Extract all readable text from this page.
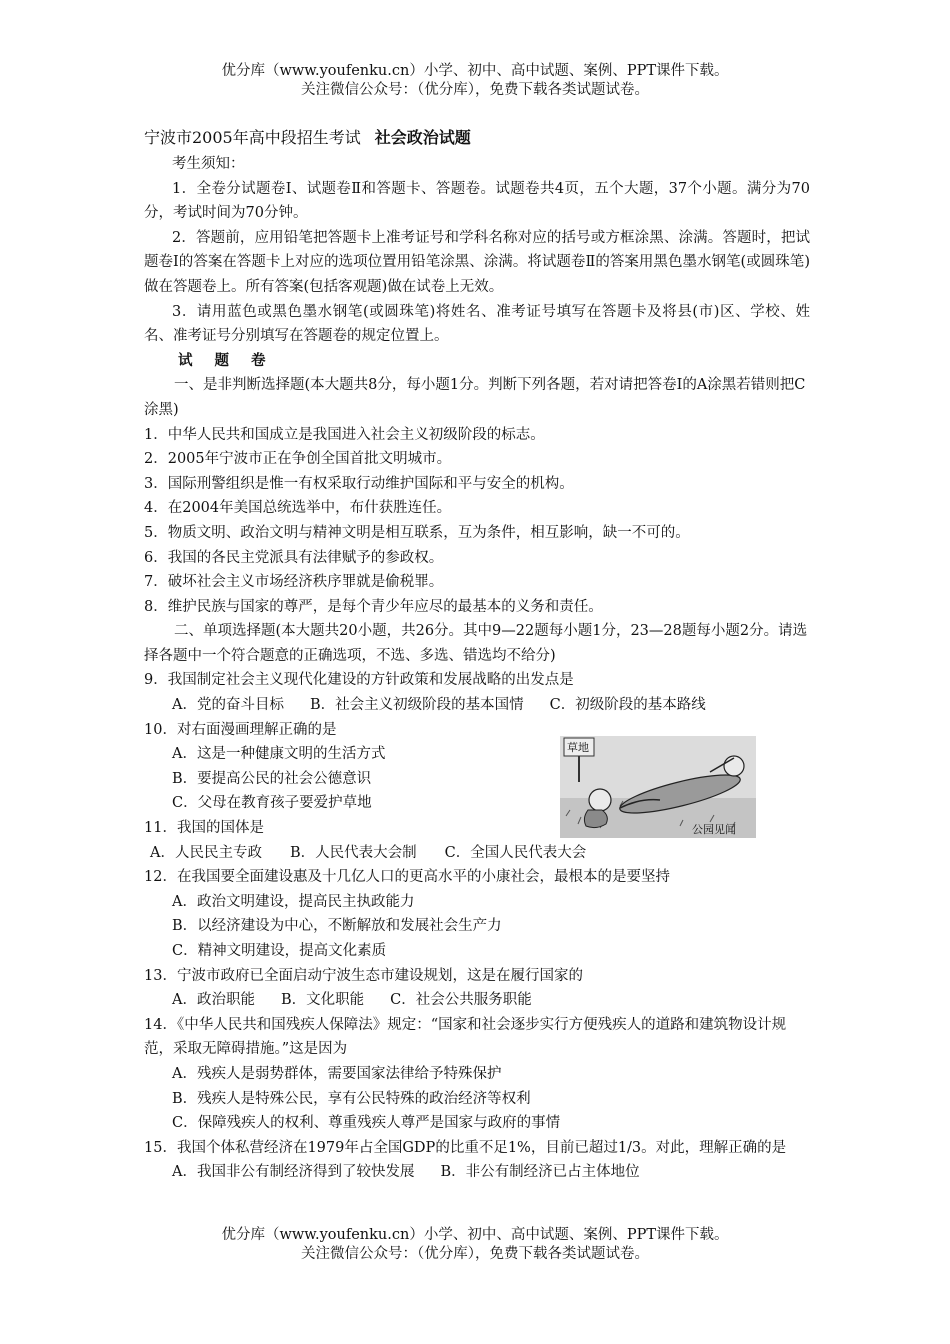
优分库（www.youfenku.cn）小学、初中、高中试题、案例、PPT课件下载。
关注微信公众号：（优分库），免费下载各类试题试卷。

宁波市2005年高中段招生考试 社会政治试题

考生须知：

1．全卷分试题卷Ⅰ、试题卷Ⅱ和答题卡、答题卷。试题卷共4页，五个大题，37个小题。满分为70分，考试时间为70分钟。

2．答题前，应用铅笔把答题卡上准考证号和学科名称对应的括号或方框涂黑、涂满。答题时，把试题卷Ⅰ的答案在答题卡上对应的选项位置用铅笔涂黑、涂满。将试题卷Ⅱ的答案用黑色墨水钢笔(或圆珠笔)做在答题卷上。所有答案(包括客观题)做在试卷上无效。

3．请用蓝色或黑色墨水钢笔(或圆珠笔)将姓名、准考证号填写在答题卡及将县(市)区、学校、姓名、准考证号分别填写在答题卷的规定位置上。

试题卷

一、是非判断选择题(本大题共8分，每小题1分。判断下列各题，若对请把答卷Ⅰ的A涂黑若错则把C涂黑)

1．中华人民共和国成立是我国进入社会主义初级阶段的标志。

2．2005年宁波市正在争创全国首批文明城市。

3．国际刑警组织是惟一有权采取行动维护国际和平与安全的机构。

4．在2004年美国总统选举中，布什获胜连任。

5．物质文明、政治文明与精神文明是相互联系，互为条件，相互影响，缺一不可的。

6．我国的各民主党派具有法律赋予的参政权。

7．破坏社会主义市场经济秩序罪就是偷税罪。

8．维护民族与国家的尊严，是每个青少年应尽的最基本的义务和责任。

二、单项选择题(本大题共20小题，共26分。其中9—22题每小题1分，23—28题每小题2分。请选择各题中一个符合题意的正确选项，不选、多选、错选均不给分)

9．我国制定社会主义现代化建设的方针政策和发展战略的出发点是

A．党的奋斗目标 B．社会主义初级阶段的基本国情 C．初级阶段的基本路线

10．对右面漫画理解正确的是

A．这是一种健康文明的生活方式

B．要提高公民的社会公德意识

C．父母在教育孩子要爱护草地

11．我国的国体是

A．人民民主专政 B．人民代表大会制 C．全国人民代表大会

12．在我国要全面建设惠及十几亿人口的更高水平的小康社会，最根本的是要坚持

A．政治文明建设，提高民主执政能力

B．以经济建设为中心，不断解放和发展社会生产力

C．精神文明建设，提高文化素质

13．宁波市政府已全面启动宁波生态市建设规划，这是在履行国家的

A．政治职能 B．文化职能 C．社会公共服务职能

14．《中华人民共和国残疾人保障法》规定：“国家和社会逐步实行方便残疾人的道路和建筑物设计规范，采取无障碍措施。”这是因为

A．残疾人是弱势群体，需要国家法律给予特殊保护

B．残疾人是特殊公民，享有公民特殊的政治经济等权利

C．保障残疾人的权利、尊重残疾人尊严是国家与政府的事情

15．我国个体私营经济在1979年占全国GDP的比重不足1%，目前已超过1/3。对此，理解正确的是

A．我国非公有制经济得到了较快发展 B．非公有制经济已占主体地位

草地
公园见闻
优分库（www.youfenku.cn）小学、初中、高中试题、案例、PPT课件下载。
关注微信公众号：（优分库），免费下载各类试题试卷。
